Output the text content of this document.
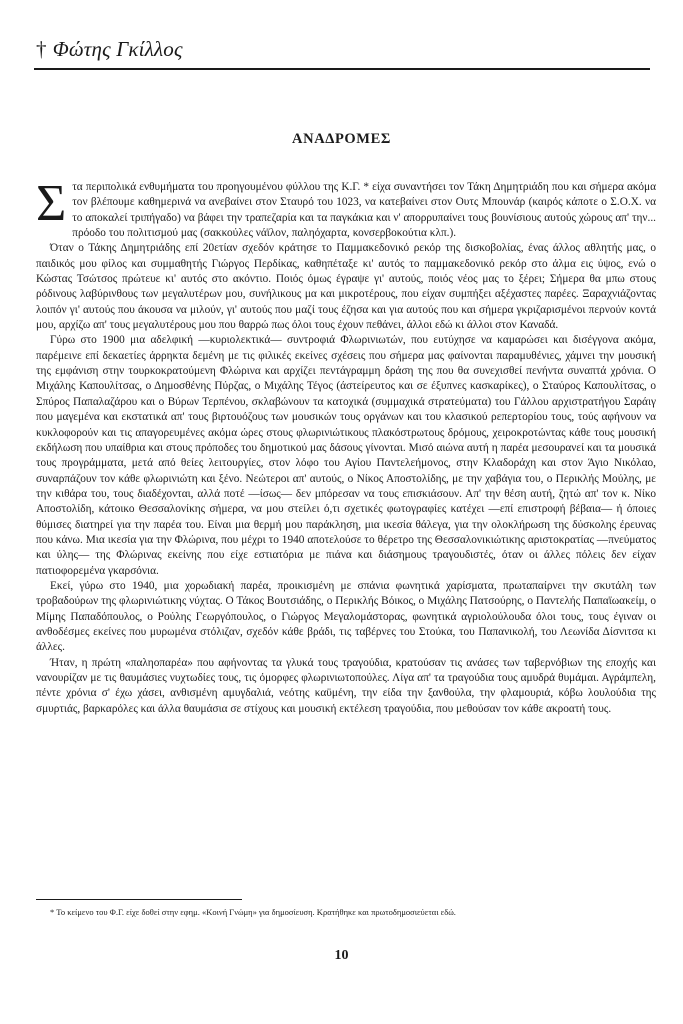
† Φώτης Γκίλλος
ΑΝΑΔΡΟΜΕΣ

Στα περιπολικά ενθυμήματα του προηγουμένου φύλλου της Κ.Γ. * είχα συναντήσει τον Τάκη Δημητριάδη που και σήμερα ακόμα τον βλέπουμε καθημερινά να ανεβαίνει στον Σταυρό του 1023, να κατεβαίνει στον Ουτς Μπουνάρ (καιρός κάποτε ο Σ.Ο.Χ. να το αποκαλεί τριπήγαδο) να βάφει την τραπεζαρία και τα παγκάκια και ν' απορρυπαίνει τους βουνίσιους αυτούς χώρους απ' την... πρόοδο του πολιτισμού μας (σακκούλες νάϊλον, παληόχαρτα, κονσερβοκούτια κλπ.).

Όταν ο Τάκης Δημητριάδης επί 20ετίαν σχεδόν κράτησε το Παμμακεδονικό ρεκόρ της δισκοβολίας, ένας άλλος αθλητής μας, ο παιδικός μου φίλος και συμμαθητής Γιώργος Περδίκας, καθηπέταξε κι' αυτός το παμμακεδονικό ρεκόρ στο άλμα εις ύψος, ενώ ο Κώστας Τσώτσος πρώτευε κι' αυτός στο ακόντιο. Ποιός όμως έγραψε γι' αυτούς, ποιός νέος μας το ξέρει; Σήμερα θα μπω στους ρόδινους λαβύρινθους των μεγαλυτέρων μου, συνήλικους μα και μικροτέρους, που είχαν συμπήξει αξέχαστες παρέες. Ξαραχνιάζοντας λοιπόν γι' αυτούς που άκουσα να μιλούν, γι' αυτούς που μαζί τους έζησα και για αυτούς που και σήμερα γκριζαρισμένοι περνούν κοντά μου, αρχίζω απ' τους μεγαλυτέρους μου που θαρρώ πως όλοι τους έχουν πεθάνει, άλλοι εδώ κι άλλοι στον Καναδά.

Γύρω στο 1900 μια αδελφική —κυριολεκτικά— συντροφιά Φλωρινιωτών, που ευτύχησε να καμαρώσει και δισέγγονα ακόμα, παρέμεινε επί δεκαετίες άρρηκτα δεμένη με τις φιλικές εκείνες σχέσεις που σήμερα μας φαίνονται παραμυθένιες, χάμνει την μουσική της εμφάνιση στην τουρκοκρατούμενη Φλώρινα και αρχίζει πεντάγραμμη δράση της που θα συνεχισθεί πενήντα συναπτά χρόνια. Ο Μιχάλης Καπουλίτσας, ο Δημοσθένης Πύρζας, ο Μιχάλης Τέγος (άστείρευτος και σε έξυπνες κασκαρίκες), ο Σταύρος Καπουλίτσας, ο Σπύρος Παπαλαζάρου και ο Βύρων Τερπένου, σκλαβώνουν τα κατοχικά (συμμαχικά στρατεύματα) του Γάλλου αρχιστρατήγου Σαράιγ που μαγεμένα και εκστατικά απ' τους βιρτουόζους των μουσικών τους οργάνων και του κλασικού ρεπερτορίου τους, τούς αφήνουν να κυκλοφορούν και τις απαγορευμένες ακόμα ώρες στους φλωρινιώτικους πλακόστρωτους δρόμους, χειροκροτώντας κάθε τους μουσική εκδήλωση που υπαίθρια και στους πρόποδες του δημοτικού μας δάσους γίνονται. Μισό αιώνα αυτή η παρέα μεσουρανεί και τα μουσικά τους προγράμματα, μετά από θείες λειτουργίες, στον λόφο του Αγίου Παντελεήμονος, στην Κλαδοράχη και στον Άγιο Νικόλαο, συναρπάζουν τον κάθε φλωρινιώτη και ξένο. Νεώτεροι απ' αυτούς, ο Νίκος Αποστολίδης, με την χαβάγια του, ο Περικλής Μούλης, με την κιθάρα του, τους διαδέχονται, αλλά ποτέ —ίσως— δεν μπόρεσαν να τους επισκιάσουν. Απ' την θέση αυτή, ζητώ απ' τον κ. Νίκο Αποστολίδη, κάτοικο Θεσσαλονίκης σήμερα, να μου στείλει ό,τι σχετικές φωτογραφίες κατέχει —επί επιστροφή βέβαια— ή όποιες θύμισες διατηρεί για την παρέα του. Είναι μια θερμή μου παράκληση, μια ικεσία θάλεγα, για την ολοκλήρωση της δύσκολης έρευνας που κάνω. Μια ικεσία για την Φλώρινα, που μέχρι το 1940 αποτελούσε το θέρετρο της Θεσσαλονικιώτικης αριστοκρατίας —πνεύματος και ύλης— της Φλώρινας εκείνης που είχε εστιατόρια με πιάνα και διάσημους τραγουδιστές, όταν οι άλλες πόλεις δεν είχαν πατιοφορεμένα γκαρσόνια.

Εκεί, γύρω στο 1940, μια χορωδιακή παρέα, προικισμένη με σπάνια φωνητικά χαρίσματα, πρωταπαίρνει την σκυτάλη των τροβαδούρων της φλωρινιώτικης νύχτας. Ο Τάκος Βουτσιάδης, ο Περικλής Βόικος, ο Μιχάλης Πατσούρης, ο Παντελής Παπαϊωακείμ, ο Μίμης Παπαδόπουλος, ο Ρούλης Γεωργόπουλος, ο Γιώργος Μεγαλομάστορας, φωνητικά αγριολούλουδα όλοι τους, τους έγιναν οι ανθοδέσμες εκείνες που μυρωμένα στόλιζαν, σχεδόν κάθε βράδι, τις ταβέρνες του Στούκα, του Παπανικολή, του Λεωνίδα Δίσνιτσα κι άλλες.

Ήταν, η πρώτη «παληοπαρέα» που αφήνοντας τα γλυκά τους τραγούδια, κρατούσαν τις ανάσες των ταβερνόβιων της εποχής και νανουρίζαν με τις θαυμάσιες νυχτωδίες τους, τις όμορφες φλωρινιωτοπούλες. Λίγα απ' τα τραγούδια τους αμυδρά θυμάμαι. Αγράμπελη, πέντε χρόνια σ' έχω χάσει, ανθισμένη αμυγδαλιά, νεότης καϋμένη, την είδα την ξανθούλα, την φλαμουριά, κόβω λουλούδια της σμυρτιάς, βαρκαρόλες και άλλα θαυμάσια σε στίχους και μουσική εκτέλεση τραγούδια, που μεθούσαν τον κάθε ακροατή τους.

* Το κείμενο του Φ.Γ. είχε δοθεί στην εφημ. «Κοινή Γνώμη» για δημοσίευση. Κρατήθηκε και πρωτοδημοσιεύεται εδώ.
10
